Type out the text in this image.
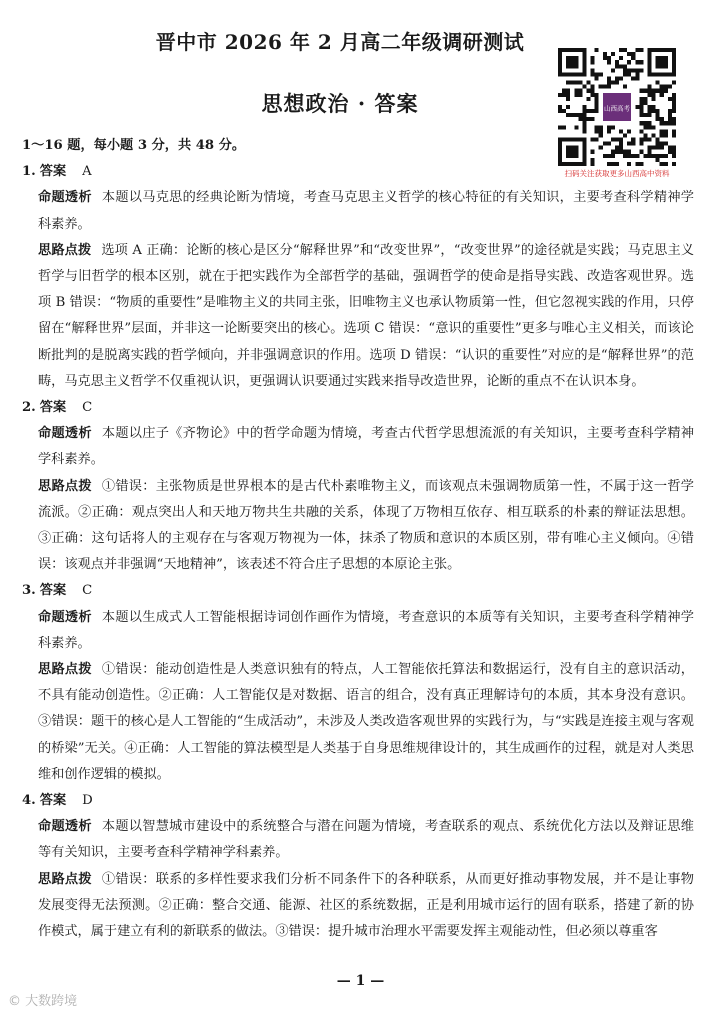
晋中市 2026 年 2 月高二年级调研测试
思想政治 · 答案	山西高考
扫码关注获取更多山西高中资料

1～16 题，每小题 3 分，共 48 分。

1. 答案 A

命题透析 本题以马克思的经典论断为情境，考查马克思主义哲学的核心特征的有关知识，主要考查科学精神学科素养。

思路点拨 选项 A 正确：论断的核心是区分“解释世界”和“改变世界”，“改变世界”的途径就是实践；马克思主义哲学与旧哲学的根本区别，就在于把实践作为全部哲学的基础，强调哲学的使命是指导实践、改造客观世界。选项 B 错误：“物质的重要性”是唯物主义的共同主张，旧唯物主义也承认物质第一性，但它忽视实践的作用，只停留在“解释世界”层面，并非这一论断要突出的核心。选项 C 错误：“意识的重要性”更多与唯心主义相关，而该论断批判的是脱离实践的哲学倾向，并非强调意识的作用。选项 D 错误：“认识的重要性”对应的是“解释世界”的范畴，马克思主义哲学不仅重视认识，更强调认识要通过实践来指导改造世界，论断的重点不在认识本身。

2. 答案 C

命题透析 本题以庄子《齐物论》中的哲学命题为情境，考查古代哲学思想流派的有关知识，主要考查科学精神学科素养。

思路点拨 ①错误：主张物质是世界根本的是古代朴素唯物主义，而该观点未强调物质第一性，不属于这一哲学流派。②正确：观点突出人和天地万物共生共融的关系，体现了万物相互依存、相互联系的朴素的辩证法思想。③正确：这句话将人的主观存在与客观万物视为一体，抹杀了物质和意识的本质区别，带有唯心主义倾向。④错误：该观点并非强调“天地精神”，该表述不符合庄子思想的本原论主张。

3. 答案 C

命题透析 本题以生成式人工智能根据诗词创作画作为情境，考查意识的本质等有关知识，主要考查科学精神学科素养。

思路点拨 ①错误：能动创造性是人类意识独有的特点，人工智能依托算法和数据运行，没有自主的意识活动，不具有能动创造性。②正确：人工智能仅是对数据、语言的组合，没有真正理解诗句的本质，其本身没有意识。③错误：题干的核心是人工智能的“生成活动”，未涉及人类改造客观世界的实践行为，与“实践是连接主观与客观的桥梁”无关。④正确：人工智能的算法模型是人类基于自身思维规律设计的，其生成画作的过程，就是对人类思维和创作逻辑的模拟。

4. 答案 D

命题透析 本题以智慧城市建设中的系统整合与潜在问题为情境，考查联系的观点、系统优化方法以及辩证思维等有关知识，主要考查科学精神学科素养。

思路点拨 ①错误：联系的多样性要求我们分析不同条件下的各种联系，从而更好推动事物发展，并不是让事物发展变得无法预测。②正确：整合交通、能源、社区的系统数据，正是利用城市运行的固有联系，搭建了新的协作模式，属于建立有利的新联系的做法。③错误：提升城市治理水平需要发挥主观能动性，但必须以尊重客

— 1 —
© 大数跨境
